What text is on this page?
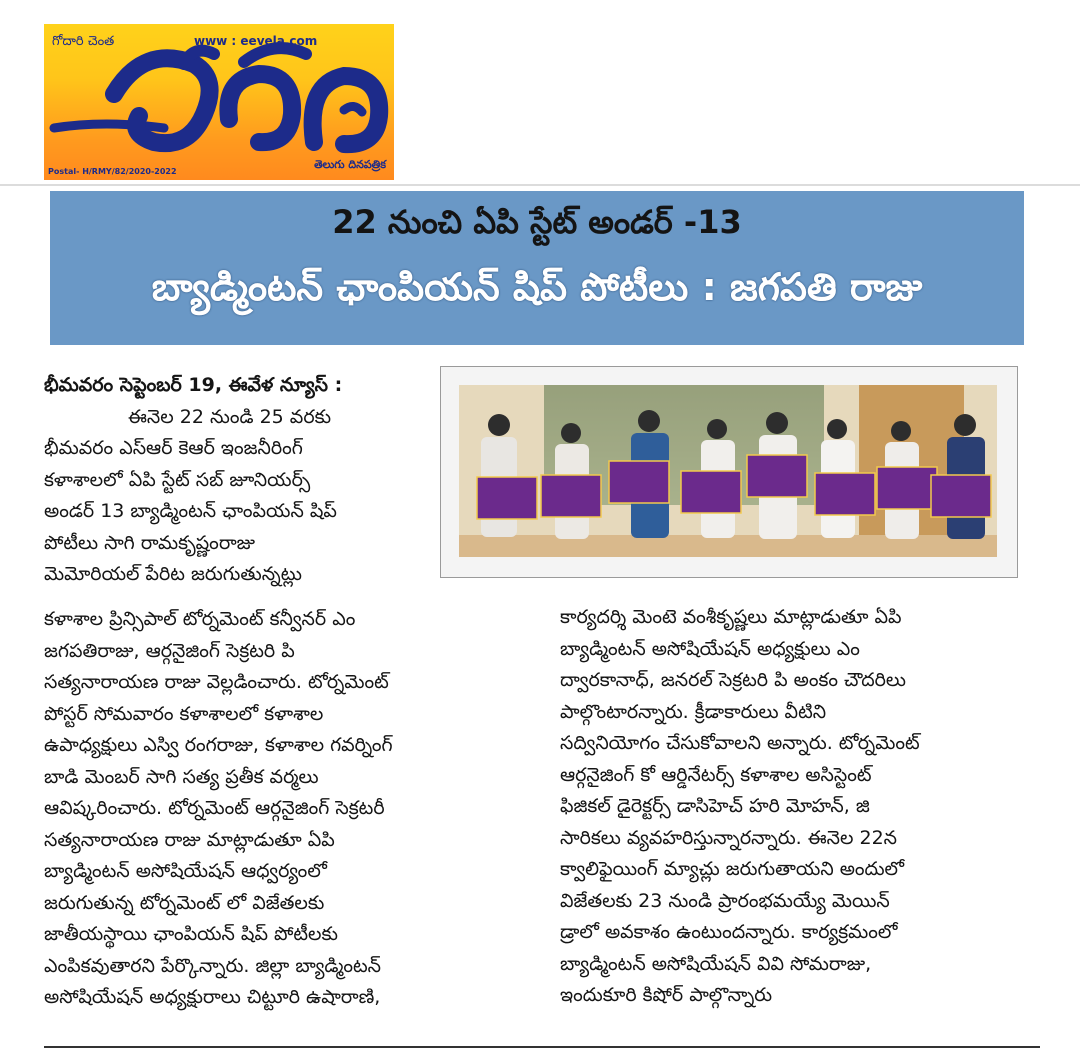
గోదారి చెంత	www : eevela.com
Postal- H/RMY/82/2020-2022
తెలుగు దినపత్రిక
22 నుంచి ఏపి స్టేట్ అండర్ -13
బ్యాడ్మింటన్ ఛాంపియన్ షిప్ పోటీలు : జగపతి రాజు
భీమవరం సెప్టెంబర్ 19, ఈవేళ న్యూస్ :
ఈనెల 22 నుండి 25 వరకు
భీమవరం ఎస్ఆర్ కెఆర్ ఇంజనీరింగ్
కళాశాలలో ఏపి స్టేట్ సబ్ జూనియర్స్
అండర్ 13 బ్యాడ్మింటన్ ఛాంపియన్ షిప్
పోటీలు సాగి రామకృష్ణంరాజు
మెమోరియల్ పేరిట జరుగుతున్నట్లు
కళాశాల ప్రిన్సిపాల్ టోర్నమెంట్ కన్వీనర్ ఎం
జగపతిరాజు, ఆర్గనైజింగ్ సెక్రటరి పి
సత్యనారాయణ రాజు వెల్లడించారు. టోర్నమెంట్
పోస్టర్ సోమవారం కళాశాలలో కళాశాల
ఉపాధ్యక్షులు ఎస్వి రంగరాజు, కళాశాల గవర్నింగ్
బాడి మెంబర్ సాగి సత్య ప్రతీక వర్మలు
ఆవిష్కరించారు. టోర్నమెంట్ ఆర్గనైజింగ్ సెక్రటరీ
సత్యనారాయణ రాజు మాట్లాడుతూ ఏపి
బ్యాడ్మింటన్ అసోషియేషన్ ఆధ్వర్యంలో
జరుగుతున్న టోర్నమెంట్ లో విజేతలకు
జాతీయస్థాయి ఛాంపియన్ షిప్ పోటీలకు
ఎంపికవుతారని పేర్కొన్నారు. జిల్లా బ్యాడ్మింటన్
అసోషియేషన్ అధ్యక్షురాలు చిట్టూరి ఉషారాణి,
కార్యదర్శి మెంటె వంశీకృష్ణలు మాట్లాడుతూ ఏపి
బ్యాడ్మింటన్ అసోషియేషన్ అధ్యక్షులు ఎం
ద్వారకానాధ్, జనరల్ సెక్రటరి పి అంకం చౌదరిలు
పాల్గొంటారన్నారు. క్రీడాకారులు వీటిని
సద్వినియోగం చేసుకోవాలని అన్నారు. టోర్నమెంట్
ఆర్గనైజింగ్ కో ఆర్డినేటర్స్ కళాశాల అసిస్టెంట్
ఫిజికల్ డైరెక్టర్స్ డాసిహెచ్ హరి మోహన్, జి
సారికలు వ్యవహరిస్తున్నారన్నారు. ఈనెల 22న
క్వాలిఫైయింగ్ మ్యాచ్లు జరుగుతాయని అందులో
విజేతలకు 23 నుండి ప్రారంభమయ్యే మెయిన్
డ్రాలో అవకాశం ఉంటుందన్నారు. కార్యక్రమంలో
బ్యాడ్మింటన్ అసోషియేషన్ వివి సోమరాజు,
ఇందుకూరి కిషోర్ పాల్గొన్నారు
